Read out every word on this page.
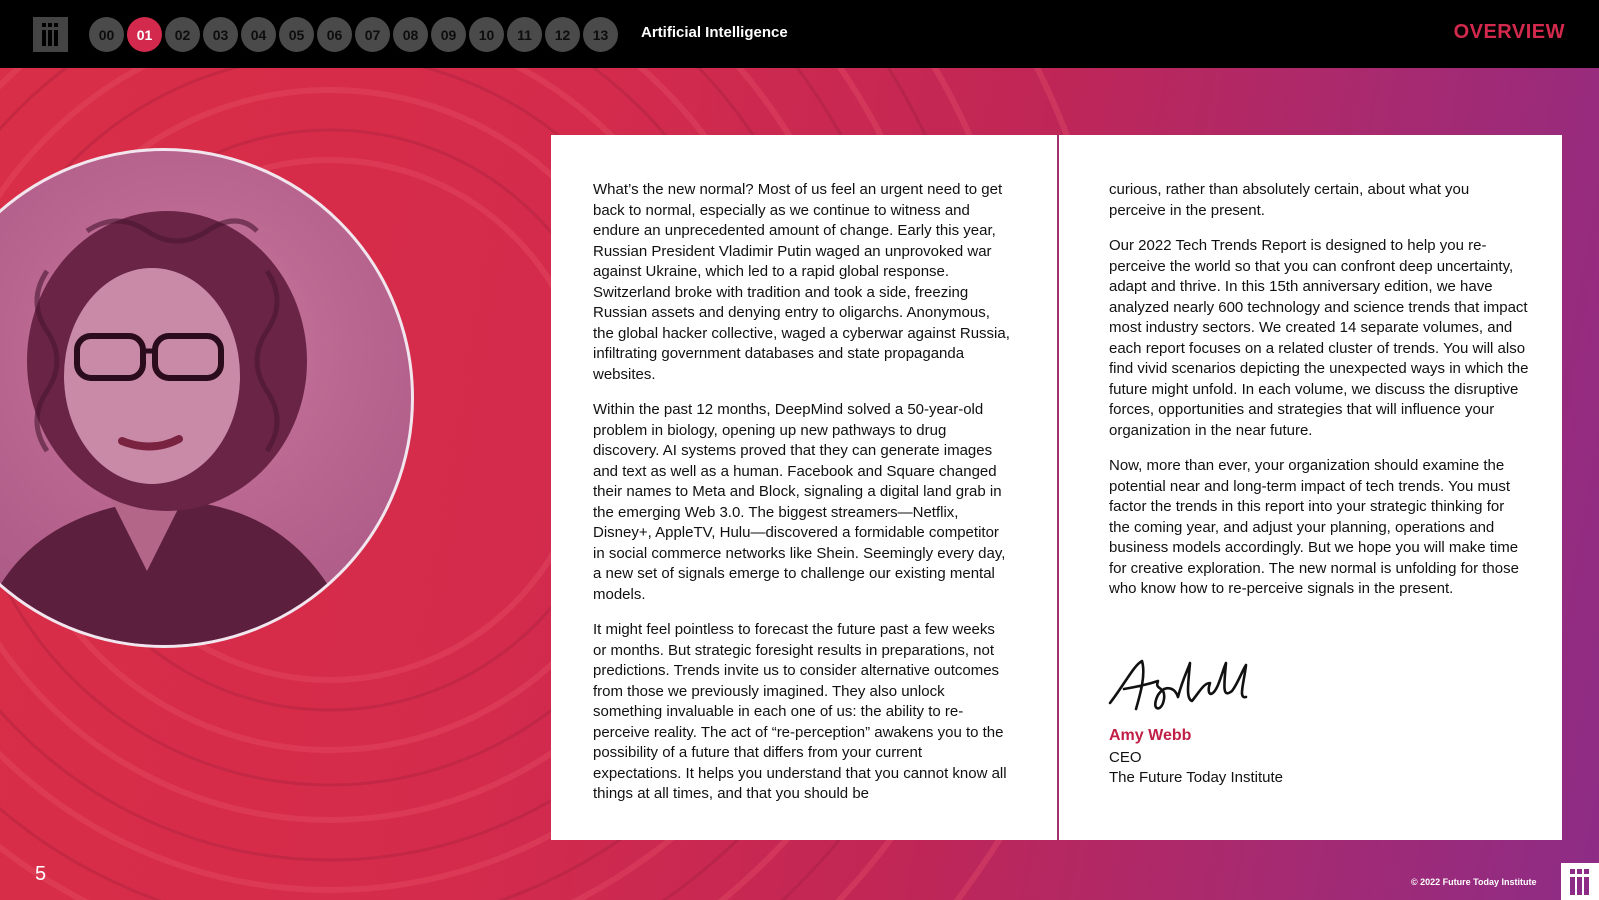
00	01	02	03	04	05	06	07	08	09	10	11	12	13	Artificial Intelligence	OVERVIEW

What’s the new normal? Most of us feel an urgent need to get back to normal, especially as we continue to witness and endure an unprecedented amount of change. Early this year, Russian President Vladimir Putin waged an unprovoked war against Ukraine, which led to a rapid global response. Switzerland broke with tradition and took a side, freezing Russian assets and denying entry to oligarchs. Anonymous, the global hacker collective, waged a cyberwar against Russia, infiltrating government databases and state propaganda websites.

Within the past 12 months, DeepMind solved a 50-year-old problem in biology, opening up new pathways to drug discovery. AI systems proved that they can generate images and text as well as a human. Facebook and Square changed their names to Meta and Block, signaling a digital land grab in the emerging Web 3.0. The biggest streamers—Netflix, Disney+, AppleTV, Hulu—discovered a formidable competitor in social commerce networks like Shein. Seemingly every day, a new set of signals emerge to challenge our existing mental models.

It might feel pointless to forecast the future past a few weeks or months. But strategic foresight results in preparations, not predictions. Trends invite us to consider alternative outcomes from those we previously imagined. They also unlock something invaluable in each one of us: the ability to re-perceive reality. The act of “re-perception” awakens you to the possibility of a future that differs from your current expectations. It helps you understand that you cannot know all things at all times, and that you should be

curious, rather than absolutely certain, about what you perceive in the present.

Our 2022 Tech Trends Report is designed to help you re-perceive the world so that you can confront deep uncertainty, adapt and thrive. In this 15th anniversary edition, we have analyzed nearly 600 technology and science trends that impact most industry sectors. We created 14 separate volumes, and each report focuses on a related cluster of trends. You will also find vivid scenarios depicting the unexpected ways in which the future might unfold. In each volume, we discuss the disruptive forces, opportunities and strategies that will influence your organization in the near future.

Now, more than ever, your organization should examine the potential near and long-term impact of tech trends. You must factor the trends in this report into your strategic thinking for the coming year, and adjust your planning, operations and business models accordingly. But we hope you will make time for creative exploration. The new normal is unfolding for those who know how to re-perceive signals in the present.

Amy Webb
CEO
The Future Today Institute
5	© 2022 Future Today Institute
